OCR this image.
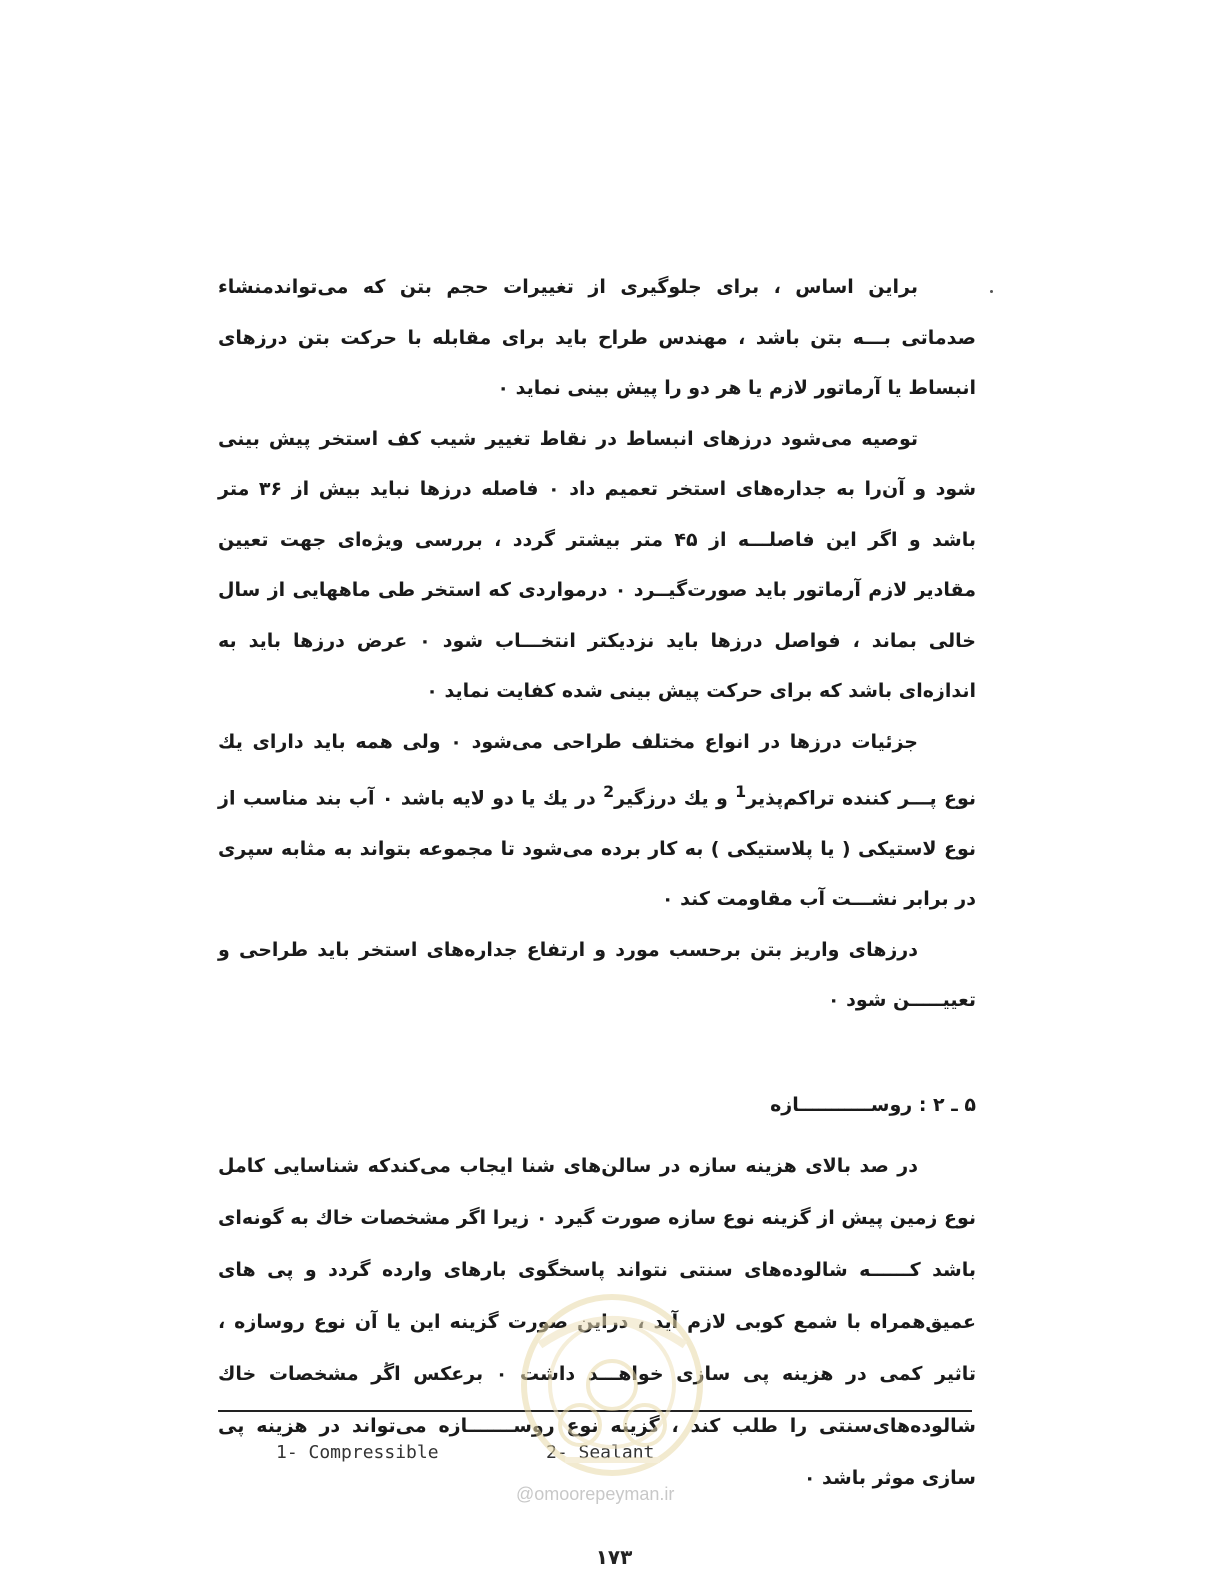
براین اساس ، برای جلوگیری از تغییرات حجم بتن که می‌تواندمنشاء صدماتی بـــه بتن باشد ، مهندس طراح باید برای مقابله با حرکت بتن درزهای انبساط یا آرماتور لازم یا هر دو را پیش بینی نماید ۰

توصیه می‌شود درزهای انبساط در نقاط تغییر شیب کف استخر پیش بینی شود و آن‌را به جداره‌های استخر تعمیم داد ۰ فاصله درزها نباید بیش از ۳۶ متر باشد و اگر این فاصلـــه از ۴۵ متر بیشتر گردد ، بررسی ویژه‌ای جهت تعیین مقادیر لازم آرماتور باید صورت‌گیــرد ۰ درمواردی که استخر طی ماههایی از سال خالی بماند ، فواصل درزها باید نزدیکتر انتخـــاب شود ۰ عرض درزها باید به اندازه‌ای باشد که برای حرکت پیش بینی شده کفایت نماید ۰

جزئیات درزها در انواع مختلف طراحی می‌شود ۰ ولی همه باید دارای یك نوع پـــر کننده تراکم‌پذیر$^1$ و یك درزگیر$^2$ در یك یا دو لایه باشد ۰ آب بند مناسب از نوع لاستیکی ( یا پلاستیکی ) به کار برده می‌شود تا مجموعه بتواند به مثابه سپری در برابر نشـــت آب مقاومت کند ۰

درزهای واریز بتن برحسب مورد و ارتفاع جداره‌های استخر باید طراحی و تعییـــــن شود ۰

۵ ـ ۲ : روســـــــــــازه

در صد بالای هزینه سازه در سالن‌های شنا ایجاب می‌کندکه شناسایی کامل نوع زمین پیش از گزینه نوع سازه صورت گیرد ۰ زیرا اگر مشخصات خاك به گونه‌ای باشد کــــــه شالوده‌های سنتی نتواند پاسخگوی بارهای وارده گردد و پی های عمیق‌همراه با شمع کوبی لازم آید ، دراین صورت گزینه این یا آن نوع روسازه ، تاثیر کمی در هزینه پی سازی خواهـــد داشت ۰ برعکس اگر مشخصات خاك شالوده‌های‌سنتی را طلب کند ، گزینه نوع روســـــــازه می‌تواند در هزینه پی سازی موثر باشد ۰

1- Compressible	2- Sealant
@omoorepeyman.ir
۱۷۳
